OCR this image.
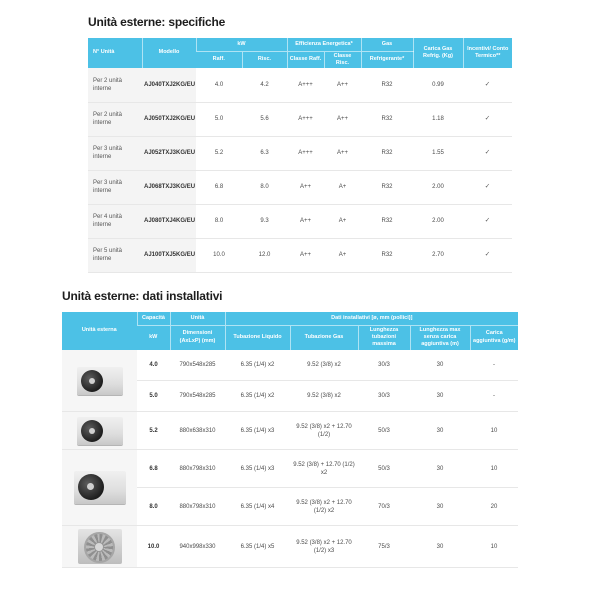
Unità esterne: specifiche
N° Unità	Modello	kW		Efficienza Energetica*		Gas	Carica Gas Refrig. (Kg)	Incentivi/ Conto Termico**
		Raff.	Risc.	Classe Raff.	Classe Risc.	Refrigerante*		
Per 2 unità interne	AJ040TXJ2KG/EU	4.0	4.2	A+++	A++	R32	0.99	✓
Per 2 unità interne	AJ050TXJ2KG/EU	5.0	5.6	A+++	A++	R32	1.18	✓
Per 3 unità interne	AJ052TXJ3KG/EU	5.2	6.3	A+++	A++	R32	1.55	✓
Per 3 unità interne	AJ068TXJ3KG/EU	6.8	8.0	A++	A+	R32	2.00	✓
Per 4 unità interne	AJ080TXJ4KG/EU	8.0	9.3	A++	A+	R32	2.00	✓
Per 5 unità interne	AJ100TXJ5KG/EU	10.0	12.0	A++	A+	R32	2.70	✓
Unità esterne: dati installativi
Unità esterna	Capacità	Unità	Dati installativi [ø, mm (pollici)]				
	kW	Dimensioni (AxLxP) (mm)	Tubazione Liquido	Tubazione Gas	Lunghezza tubazioni massima	Lunghezza max senza carica aggiuntiva (m)	Carica aggiuntiva (g/m)

	4.0	790x548x285	6.35 (1/4) x2	9.52 (3/8) x2	30/3	30	-
	5.0	790x548x285	6.35 (1/4) x2	9.52 (3/8) x2	30/3	30	-

	5.2	880x638x310	6.35 (1/4) x3	9.52 (3/8) x2 + 12.70 (1/2)	50/3	30	10

	6.8	880x798x310	6.35 (1/4) x3	9.52 (3/8) + 12.70 (1/2) x2	50/3	30	10
	8.0	880x798x310	6.35 (1/4) x4	9.52 (3/8) x2 + 12.70 (1/2) x2	70/3	30	20

	10.0	940x998x330	6.35 (1/4) x5	9.52 (3/8) x2 + 12.70 (1/2) x3	75/3	30	10
